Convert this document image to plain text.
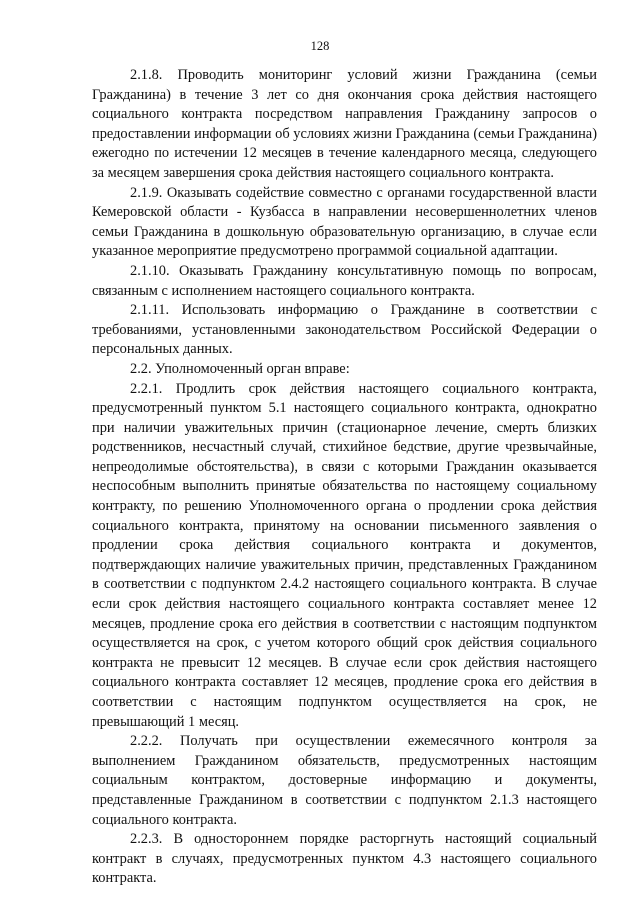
128

2.1.8. Проводить мониторинг условий жизни Гражданина (семьи Гражданина) в течение 3 лет со дня окончания срока действия настоящего социального контракта посредством направления Гражданину запросов о предоставлении информации об условиях жизни Гражданина (семьи Гражданина) ежегодно по истечении 12 месяцев в течение календарного месяца, следующего за месяцем завершения срока действия настоящего социального контракта.

2.1.9. Оказывать содействие совместно с органами государственной власти Кемеровской области - Кузбасса в направлении несовершеннолетних членов семьи Гражданина в дошкольную образовательную организацию, в случае если указанное мероприятие предусмотрено программой социальной адаптации.

2.1.10. Оказывать Гражданину консультативную помощь по вопросам, связанным с исполнением настоящего социального контракта.

2.1.11. Использовать информацию о Гражданине в соответствии с требованиями, установленными законодательством Российской Федерации о персональных данных.

2.2. Уполномоченный орган вправе:

2.2.1. Продлить срок действия настоящего социального контракта, предусмотренный пунктом 5.1 настоящего социального контракта, однократно при наличии уважительных причин (стационарное лечение, смерть близких родственников, несчастный случай, стихийное бедствие, другие чрезвычайные, непреодолимые обстоятельства), в связи с которыми Гражданин оказывается неспособным выполнить принятые обязательства по настоящему социальному контракту, по решению Уполномоченного органа о продлении срока действия социального контракта, принятому на основании письменного заявления о продлении срока действия социального контракта и документов, подтверждающих наличие уважительных причин, представленных Гражданином в соответствии с подпунктом 2.4.2 настоящего социального контракта. В случае если срок действия настоящего социального контракта составляет менее 12 месяцев, продление срока его действия в соответствии с настоящим подпунктом осуществляется на срок, с учетом которого общий срок действия социального контракта не превысит 12 месяцев. В случае если срок действия настоящего социального контракта составляет 12 месяцев, продление срока его действия в соответствии с настоящим подпунктом осуществляется на срок, не превышающий 1 месяц.

2.2.2. Получать при осуществлении ежемесячного контроля за выполнением Гражданином обязательств, предусмотренных настоящим социальным контрактом, достоверные информацию и документы, представленные Гражданином в соответствии с подпунктом 2.1.3 настоящего социального контракта.

2.2.3. В одностороннем порядке расторгнуть настоящий социальный контракт в случаях, предусмотренных пунктом 4.3 настоящего социального контракта.
